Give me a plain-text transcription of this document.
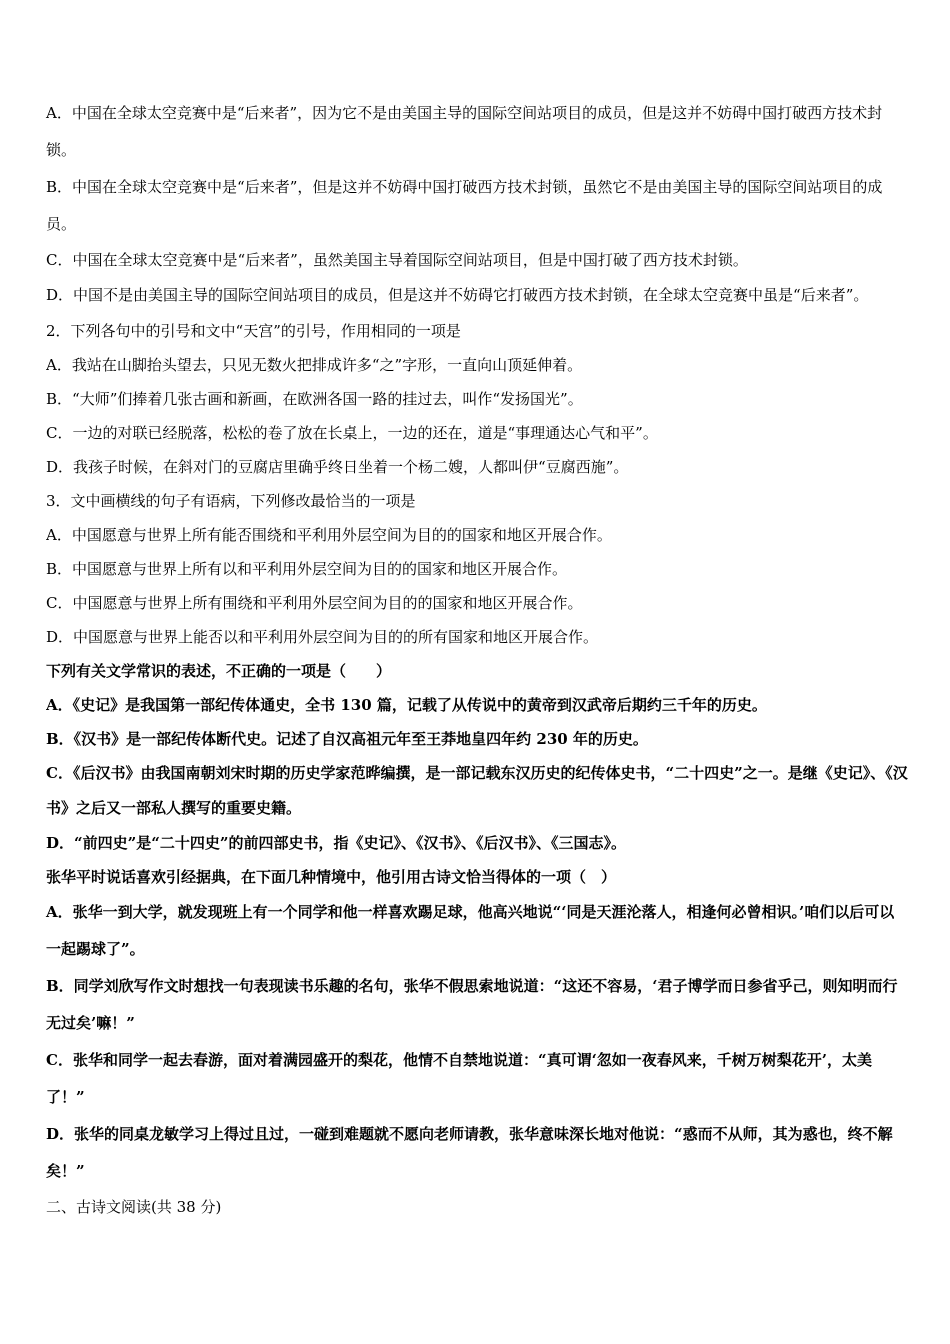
A．中国在全球太空竞赛中是“后来者”，因为它不是由美国主导的国际空间站项目的成员，但是这并不妨碍中国打破西方技术封锁。

B．中国在全球太空竞赛中是“后来者”，但是这并不妨碍中国打破西方技术封锁，虽然它不是由美国主导的国际空间站项目的成员。

C．中国在全球太空竞赛中是“后来者”，虽然美国主导着国际空间站项目，但是中国打破了西方技术封锁。

D．中国不是由美国主导的国际空间站项目的成员，但是这并不妨碍它打破西方技术封锁，在全球太空竞赛中虽是“后来者”。

2．下列各句中的引号和文中“天宫”的引号，作用相同的一项是

A．我站在山脚抬头望去，只见无数火把排成许多“之”字形，一直向山顶延伸着。

B．“大师”们捧着几张古画和新画，在欧洲各国一路的挂过去，叫作“发扬国光”。

C．一边的对联已经脱落，松松的卷了放在长桌上，一边的还在，道是“事理通达心气和平”。

D．我孩子时候，在斜对门的豆腐店里确乎终日坐着一个杨二嫂，人都叫伊“豆腐西施”。

3．文中画横线的句子有语病，下列修改最恰当的一项是

A．中国愿意与世界上所有能否围绕和平利用外层空间为目的的国家和地区开展合作。

B．中国愿意与世界上所有以和平利用外层空间为目的的国家和地区开展合作。

C．中国愿意与世界上所有围绕和平利用外层空间为目的的国家和地区开展合作。

D．中国愿意与世界上能否以和平利用外层空间为目的的所有国家和地区开展合作。

下列有关文学常识的表述，不正确的一项是（　　）

A．《史记》是我国第一部纪传体通史，全书 130 篇，记载了从传说中的黄帝到汉武帝后期约三千年的历史。

B．《汉书》是一部纪传体断代史。记述了自汉高祖元年至王莽地皇四年约 230 年的历史。

C．《后汉书》由我国南朝刘宋时期的历史学家范晔编撰，是一部记载东汉历史的纪传体史书，“二十四史”之一。是继《史记》、《汉书》之后又一部私人撰写的重要史籍。

D．“前四史”是“二十四史”的前四部史书，指《史记》、《汉书》、《后汉书》、《三国志》。

张华平时说话喜欢引经据典，在下面几种情境中，他引用古诗文恰当得体的一项（　）

A．张华一到大学，就发现班上有一个同学和他一样喜欢踢足球，他高兴地说“‘同是天涯沦落人，相逢何必曾相识。’咱们以后可以一起踢球了”。

B．同学刘欣写作文时想找一句表现读书乐趣的名句，张华不假思索地说道：“这还不容易，‘君子博学而日参省乎己，则知明而行无过矣’嘛！”

C．张华和同学一起去春游，面对着满园盛开的梨花，他情不自禁地说道：“真可谓‘忽如一夜春风来，千树万树梨花开’，太美了！”

D．张华的同桌龙敏学习上得过且过，一碰到难题就不愿向老师请教，张华意味深长地对他说：“惑而不从师，其为惑也，终不解矣！”

二、古诗文阅读(共 38 分)
